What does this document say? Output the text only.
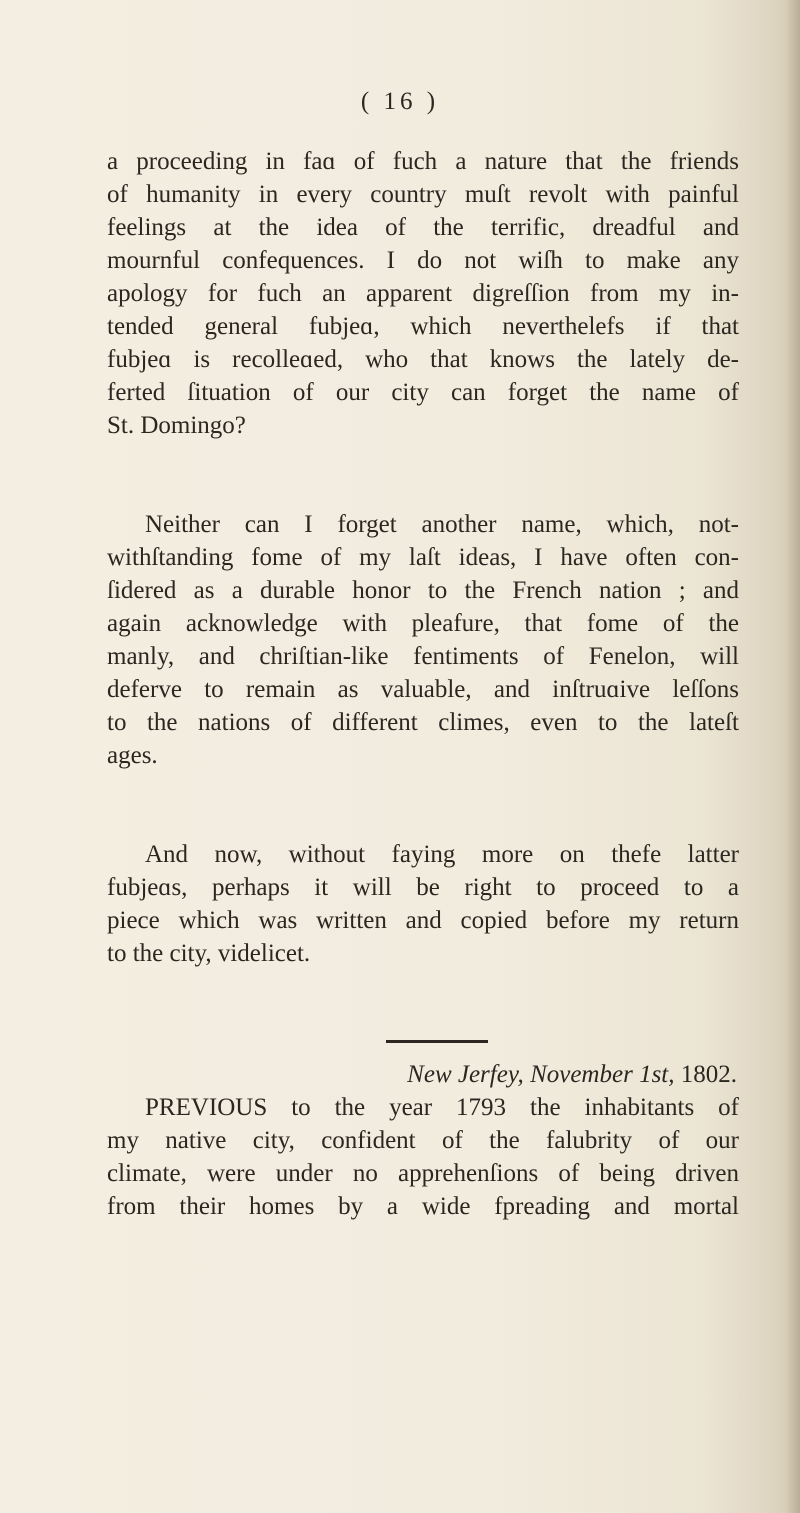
( 16 )
a proceeding in faɑ of fuch a nature that the friends
of humanity in every country muſt revolt with painful
feelings at the idea of the terrific, dreadful and
mournful confequences. I do not wiſh to make any
apology for fuch an apparent digreſſion from my in-
tended general fubjeɑ, which neverthelefs if that
fubjeɑ is recolleɑed, who that knows the lately de-
ferted ſituation of our city can forget the name of
St. Domingo?
Neither can I forget another name, which, not-
withſtanding fome of my laſt ideas, I have often con-
ſidered as a durable honor to the French nation ; and
again acknowledge with pleafure, that fome of the
manly, and chriſtian-like fentiments of Fenelon, will
deferve to remain as valuable, and inſtruɑive leſſons
to the nations of different climes, even to the lateſt
ages.
And now, without faying more on thefe latter
fubjeɑs, perhaps it will be right to proceed to a
piece which was written and copied before my return
to the city, videlicet.
New Jerfey, November 1st, 1802.
PREVIOUS to the year 1793 the inhabitants of
my native city, confident of the falubrity of our
climate, were under no apprehenſions of being driven
from their homes by a wide fpreading and mortal
